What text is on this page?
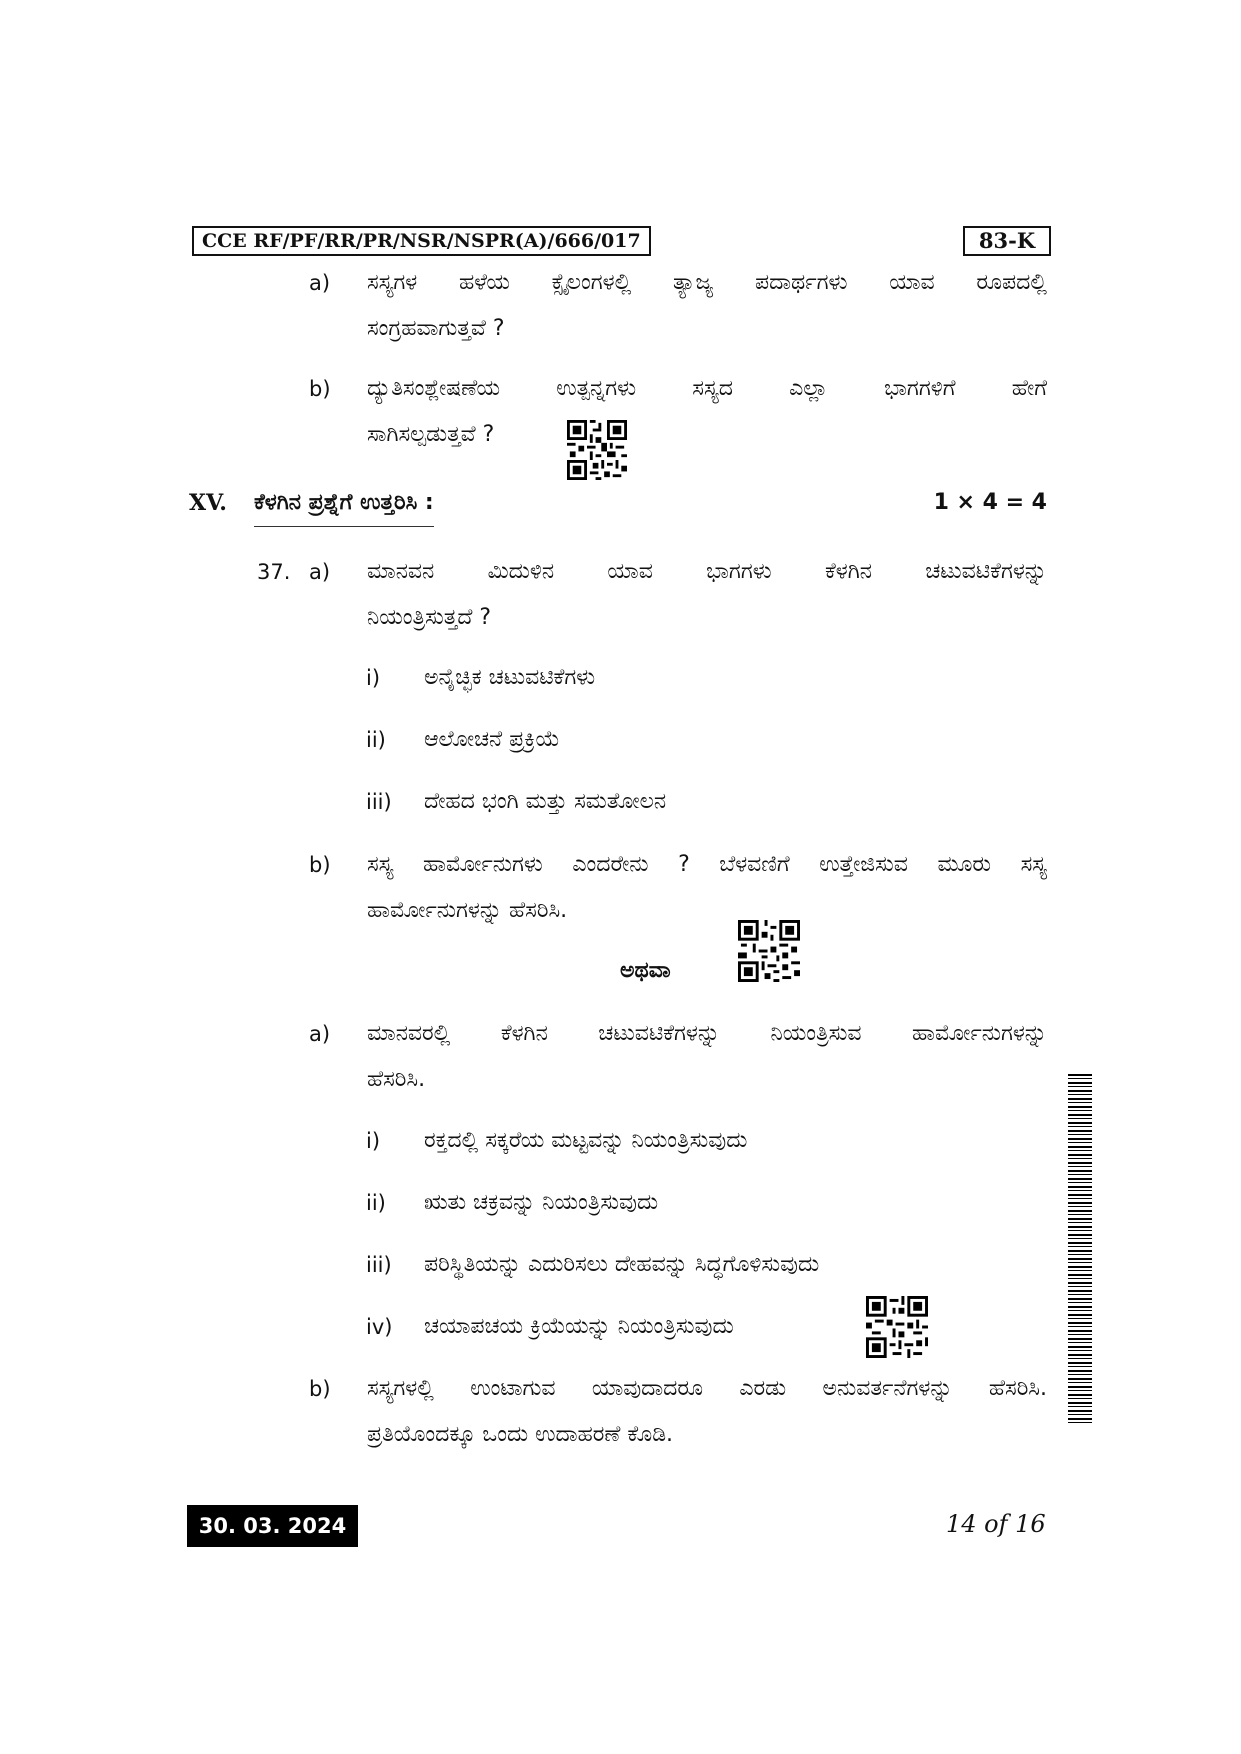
CCE RF/PF/RR/PR/NSR/NSPR(A)/666/017	83-K
a) ಸಸ್ಯಗಳ ಹಳೆಯ ಕ್ಸೈಲಂಗಳಲ್ಲಿ ತ್ಯಾಜ್ಯ ಪದಾರ್ಥಗಳು ಯಾವ ರೂಪದಲ್ಲಿ
ಸಂಗ್ರಹವಾಗುತ್ತವೆ ?
b) ದ್ಯುತಿಸಂಶ್ಲೇಷಣೆಯ ಉತ್ಪನ್ನಗಳು ಸಸ್ಯದ ಎಲ್ಲಾ ಭಾಗಗಳಿಗೆ ಹೇಗೆ
ಸಾಗಿಸಲ್ಪಡುತ್ತವೆ ?
XV. ಕೆಳಗಿನ ಪ್ರಶ್ನೆಗೆ ಉತ್ತರಿಸಿ :	1 × 4 = 4
37. a) ಮಾನವನ ಮಿದುಳಿನ ಯಾವ ಭಾಗಗಳು ಕೆಳಗಿನ ಚಟುವಟಿಕೆಗಳನ್ನು
ನಿಯಂತ್ರಿಸುತ್ತದೆ ?
i) ಅನೈಚ್ಛಿಕ ಚಟುವಟಿಕೆಗಳು
ii) ಆಲೋಚನೆ ಪ್ರಕ್ರಿಯೆ
iii) ದೇಹದ ಭಂಗಿ ಮತ್ತು ಸಮತೋಲನ
b) ಸಸ್ಯ ಹಾರ್ಮೋನುಗಳು ಎಂದರೇನು ? ಬೆಳವಣಿಗೆ ಉತ್ತೇಜಿಸುವ ಮೂರು ಸಸ್ಯ
ಹಾರ್ಮೋನುಗಳನ್ನು ಹೆಸರಿಸಿ.
ಅಥವಾ
a) ಮಾನವರಲ್ಲಿ ಕೆಳಗಿನ ಚಟುವಟಿಕೆಗಳನ್ನು ನಿಯಂತ್ರಿಸುವ ಹಾರ್ಮೋನುಗಳನ್ನು
ಹೆಸರಿಸಿ.
i) ರಕ್ತದಲ್ಲಿ ಸಕ್ಕರೆಯ ಮಟ್ಟವನ್ನು ನಿಯಂತ್ರಿಸುವುದು
ii) ಋತು ಚಕ್ರವನ್ನು ನಿಯಂತ್ರಿಸುವುದು
iii) ಪರಿಸ್ಥಿತಿಯನ್ನು ಎದುರಿಸಲು ದೇಹವನ್ನು ಸಿದ್ಧಗೊಳಿಸುವುದು
iv) ಚಯಾಪಚಯ ಕ್ರಿಯೆಯನ್ನು ನಿಯಂತ್ರಿಸುವುದು
b) ಸಸ್ಯಗಳಲ್ಲಿ ಉಂಟಾಗುವ ಯಾವುದಾದರೂ ಎರಡು ಅನುವರ್ತನೆಗಳನ್ನು ಹೆಸರಿಸಿ.
ಪ್ರತಿಯೊಂದಕ್ಕೂ ಒಂದು ಉದಾಹರಣೆ ಕೊಡಿ.
30. 03. 2024	14 of 16
